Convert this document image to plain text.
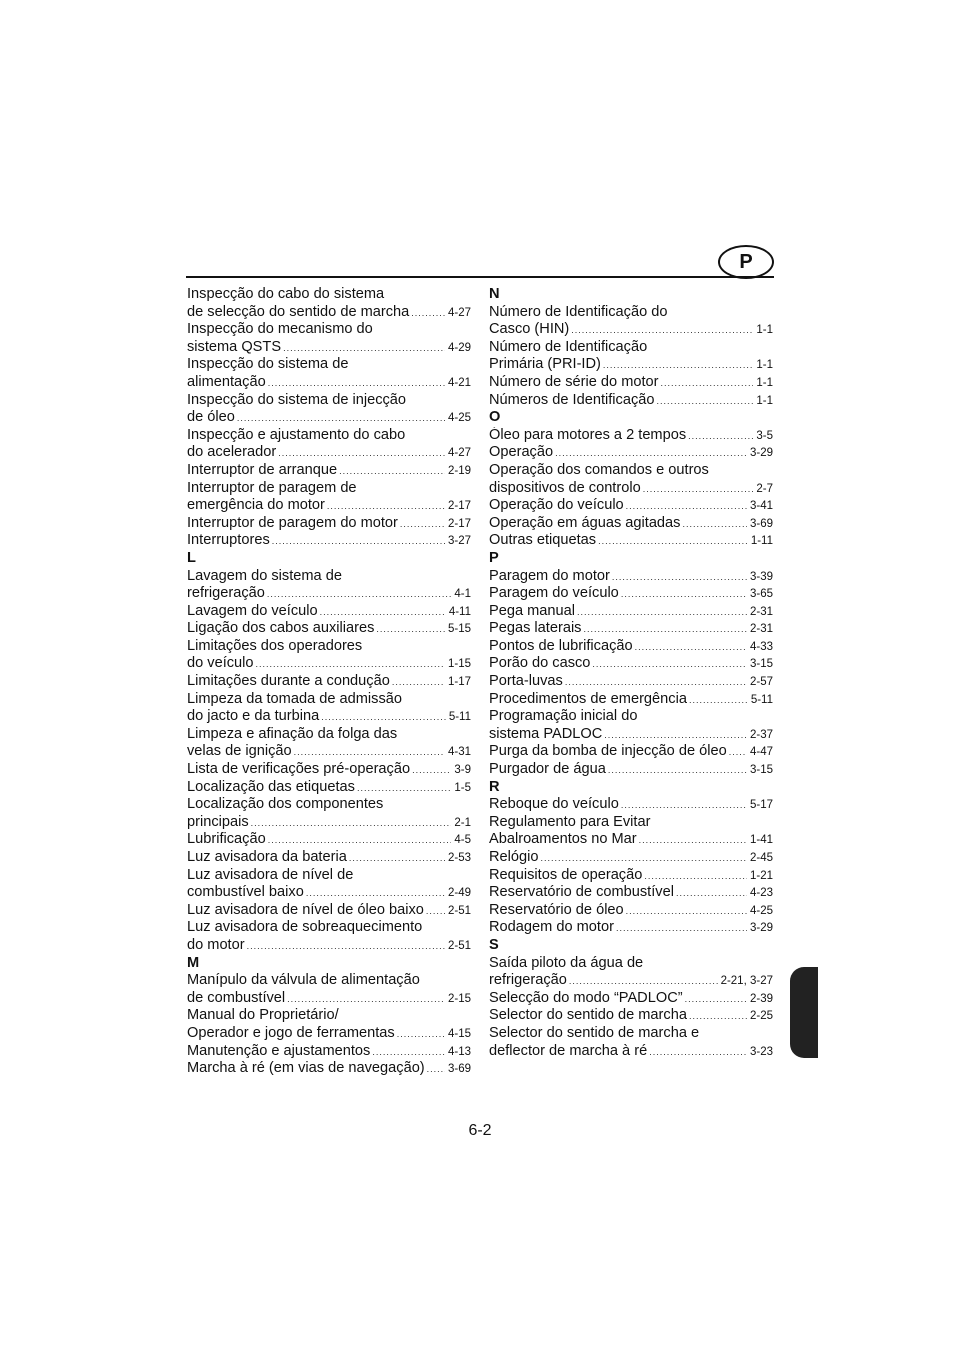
P
Inspecção do cabo do sistema
de selecção do sentido de marcha .....	4-27
Inspecção do mecanismo do
sistema QSTS .....	4-29
Inspecção do sistema de
alimentação .....	4-21
Inspecção do sistema de injecção
de óleo .....	4-25
Inspecção e ajustamento do cabo
do acelerador .....	4-27
Interruptor de arranque .....	2-19
Interruptor de paragem de
emergência do motor .....	2-17
Interruptor de paragem do motor .....	2-17
Interruptores .....	3-27
L
Lavagem do sistema de
refrigeração .....	4-1
Lavagem do veículo .....	4-11
Ligação dos cabos auxiliares .....	5-15
Limitações dos operadores
do veículo .....	1-15
Limitações durante a condução .....	1-17
Limpeza da tomada de admissão
do jacto e da turbina .....	5-11
Limpeza e afinação da folga das
velas de ignição .....	4-31
Lista de verificações pré-operação .....	3-9
Localização das etiquetas .....	1-5
Localização dos componentes
principais .....	2-1
Lubrificação .....	4-5
Luz avisadora da bateria .....	2-53
Luz avisadora de nível de
combustível baixo .....	2-49
Luz avisadora de nível de óleo baixo ..... 2-51
Luz avisadora de sobreaquecimento
do motor .....	2-51
M
Manípulo da válvula de alimentação
de combustível .....	2-15
Manual do Proprietário/
Operador e jogo de ferramentas .....	4-15
Manutenção e ajustamentos .....	4-13
Marcha à ré (em vias de navegação) ..... 3-69
N
Número de Identificação do
Casco (HIN) .....	1-1
Número de Identificação
Primária (PRI-ID) .....	1-1
Número de série do motor .....	1-1
Números de Identificação .....	1-1
O
Óleo para motores a 2 tempos .....	3-5
Operação .....	3-29
Operação dos comandos e outros
dispositivos de controlo .....	2-7
Operação do veículo .....	3-41
Operação em águas agitadas .....	3-69
Outras etiquetas .....	1-11
P
Paragem do motor .....	3-39
Paragem do veículo .....	3-65
Pega manual .....	2-31
Pegas laterais .....	2-31
Pontos de lubrificação .....	4-33
Porão do casco .....	3-15
Porta-luvas .....	2-57
Procedimentos de emergência .....	5-11
Programação inicial do
sistema PADLOC .....	2-37
Purga da bomba de injecção de óleo ..... 4-47
Purgador de água .....	3-15
R
Reboque do veículo .....	5-17
Regulamento para Evitar
Abalroamentos no Mar .....	1-41
Relógio .....	2-45
Requisitos de operação .....	1-21
Reservatório de combustível .....	4-23
Reservatório de óleo .....	4-25
Rodagem do motor .....	3-29
S
Saída piloto da água de
refrigeração .....	2-21, 3-27
Selecção do modo “PADLOC” .....	2-39
Selector do sentido de marcha .....	2-25
Selector do sentido de marcha e
deflector de marcha à ré .....	3-23
6-2
